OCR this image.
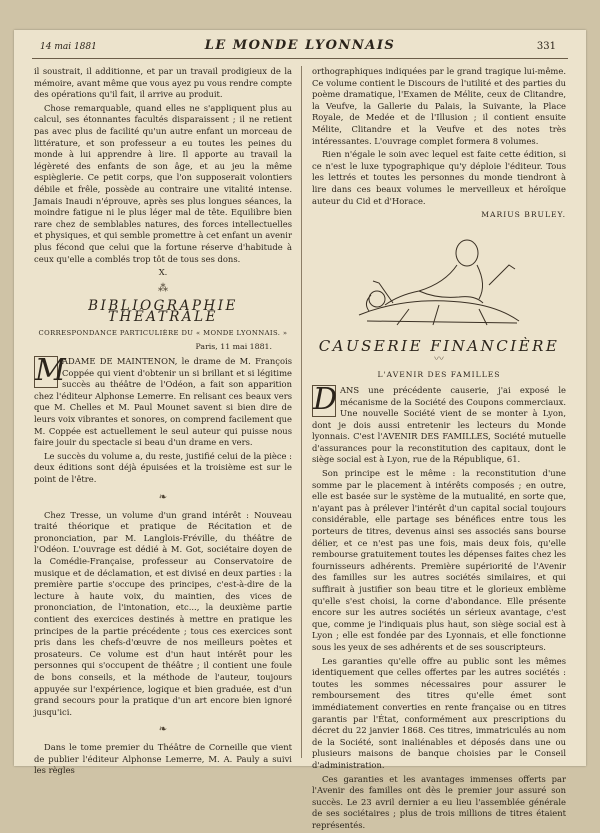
14 mai 1881	LE MONDE LYONNAIS	331

il soustrait, il additionne, et par un travail prodigieux de la mémoire, avant même que vous ayez pu vous rendre compte des opérations qu'il fait, il arrive au produit.

Chose remarquable, quand elles ne s'appliquent plus au calcul, ses étonnantes facultés disparaissent ; il ne retient pas avec plus de facilité qu'un autre enfant un morceau de littérature, et son professeur a eu toutes les peines du monde à lui apprendre à lire. Il apporte au travail la légèreté des enfants de son âge, et au jeu la même espièglerie. Ce petit corps, que l'on supposerait volontiers débile et frêle, possède au contraire une vitalité intense. Jamais Inaudi n'éprouve, après ses plus longues séances, la moindre fatigue ni le plus léger mal de tête. Equilibre bien rare chez de semblables natures, des forces intellectuelles et physiques, et qui semble promettre à cet enfant un avenir plus fécond que celui que la fortune réserve d'habitude à ceux qu'elle a comblés trop tôt de tous ses dons.

X.
⁂
BIBLIOGRAPHIE THÉATRALE
CORRESPONDANCE PARTICULIÈRE DU « MONDE LYONNAIS. »
Paris, 11 mai 1881.

M
ADAME DE MAINTENON, le drame de M. François Coppée qui vient d'obtenir un si brillant et si légitime succès au théâtre de l'Odéon, a fait son apparition chez l'éditeur Alphonse Lemerre. En relisant ces beaux vers que M. Chelles et M. Paul Mounet savent si bien dire de leurs voix vibrantes et sonores, on comprend facilement que M. Coppée est actuellement le seul auteur qui puisse nous faire jouir du spectacle si beau d'un drame en vers.

Le succès du volume a, du reste, justifié celui de la pièce : deux éditions sont déjà épuisées et la troisième est sur le point de l'être.

❧

Chez Tresse, un volume d'un grand intérêt : Nouveau traité théorique et pratique de Récitation et de prononciation, par M. Langlois-Fréville, du théâtre de l'Odéon. L'ouvrage est dédié à M. Got, sociétaire doyen de la Comédie-Française, professeur au Conservatoire de musique et de déclamation, et est divisé en deux parties : la première partie s'occupe des principes, c'est-à-dire de la lecture à haute voix, du maintien, des vices de prononciation, de l'intonation, etc..., la deuxième partie contient des exercices destinés à mettre en pratique les principes de la partie précédente ; tous ces exercices sont pris dans les chefs-d'œuvre de nos meilleurs poètes et prosateurs. Ce volume est d'un haut intérêt pour les personnes qui s'occupent de théâtre ; il contient une foule de bons conseils, et la méthode de l'auteur, toujours appuyée sur l'expérience, logique et bien graduée, est d'un grand secours pour la pratique d'un art encore bien ignoré jusqu'ici.

❧

Dans le tome premier du Théâtre de Corneille que vient de publier l'éditeur Alphonse Lemerre, M. A. Pauly a suivi les règles

orthographiques indiquées par le grand tragique lui-même. Ce volume contient le Discours de l'utilité et des parties du poème dramatique, l'Examen de Mélite, ceux de Clitandre, la Veufve, la Gallerie du Palais, la Suivante, la Place Royale, de Medée et de l'Illusion ; il contient ensuite Mélite, Clitandre et la Veufve et des notes très intéressantes. L'ouvrage complet formera 8 volumes.

Rien n'égale le soin avec lequel est faite cette édition, si ce n'est le luxe typographique qu'y déploie l'éditeur. Tous les lettrés et toutes les personnes du monde tiendront à lire dans ces beaux volumes le merveilleux et héroïque auteur du Cid et d'Horace.

MARIUS BRULEY.
CAUSERIE FINANCIÈRE
〰
L'AVENIR DES FAMILLES

D ANS une précédente causerie, j'ai exposé le mécanisme de la Société des Coupons commerciaux. Une nouvelle Société vient de se monter à Lyon, dont je dois aussi entretenir les lecteurs du Monde lyonnais. C'est l'AVENIR DES FAMILLES, Société mutuelle d'assurances pour la reconstitution des capitaux, dont le siège social est à Lyon, rue de la République, 61.

Son principe est le même : la reconstitution d'une somme par le placement à intérêts composés ; en outre, elle est basée sur le système de la mutualité, en sorte que, n'ayant pas à prélever l'intérêt d'un capital social toujours considérable, elle partage ses bénéfices entre tous les porteurs de titres, devenus ainsi ses associés sans bourse délier, et ce n'est pas une fois, mais deux fois, qu'elle rembourse gratuitement toutes les dépenses faites chez les fournisseurs adhérents. Première supériorité de l'Avenir des familles sur les autres sociétés similaires, et qui suffirait à justifier son beau titre et le glorieux emblème qu'elle s'est choisi, la corne d'abondance. Elle présente encore sur les autres sociétés un sérieux avantage, c'est que, comme je l'indiquais plus haut, son siège social est à Lyon ; elle est fondée par des Lyonnais, et elle fonctionne sous les yeux de ses adhérents et de ses souscripteurs.

Les garanties qu'elle offre au public sont les mêmes identiquement que celles offertes par les autres sociétés : toutes les sommes nécessaires pour assurer le remboursement des titres qu'elle émet sont immédiatement converties en rente française ou en titres garantis par l'État, conformément aux prescriptions du décret du 22 janvier 1868. Ces titres, immatriculés au nom de la Société, sont inaliénables et déposés dans une ou plusieurs maisons de banque choisies par le Conseil d'administration.

Ces garanties et les avantages immenses offerts par l'Avenir des familles ont dès le premier jour assuré son succès. Le 23 avril dernier a eu lieu l'assemblée générale de ses sociétaires ; plus de trois millions de titres étaient représentés.
